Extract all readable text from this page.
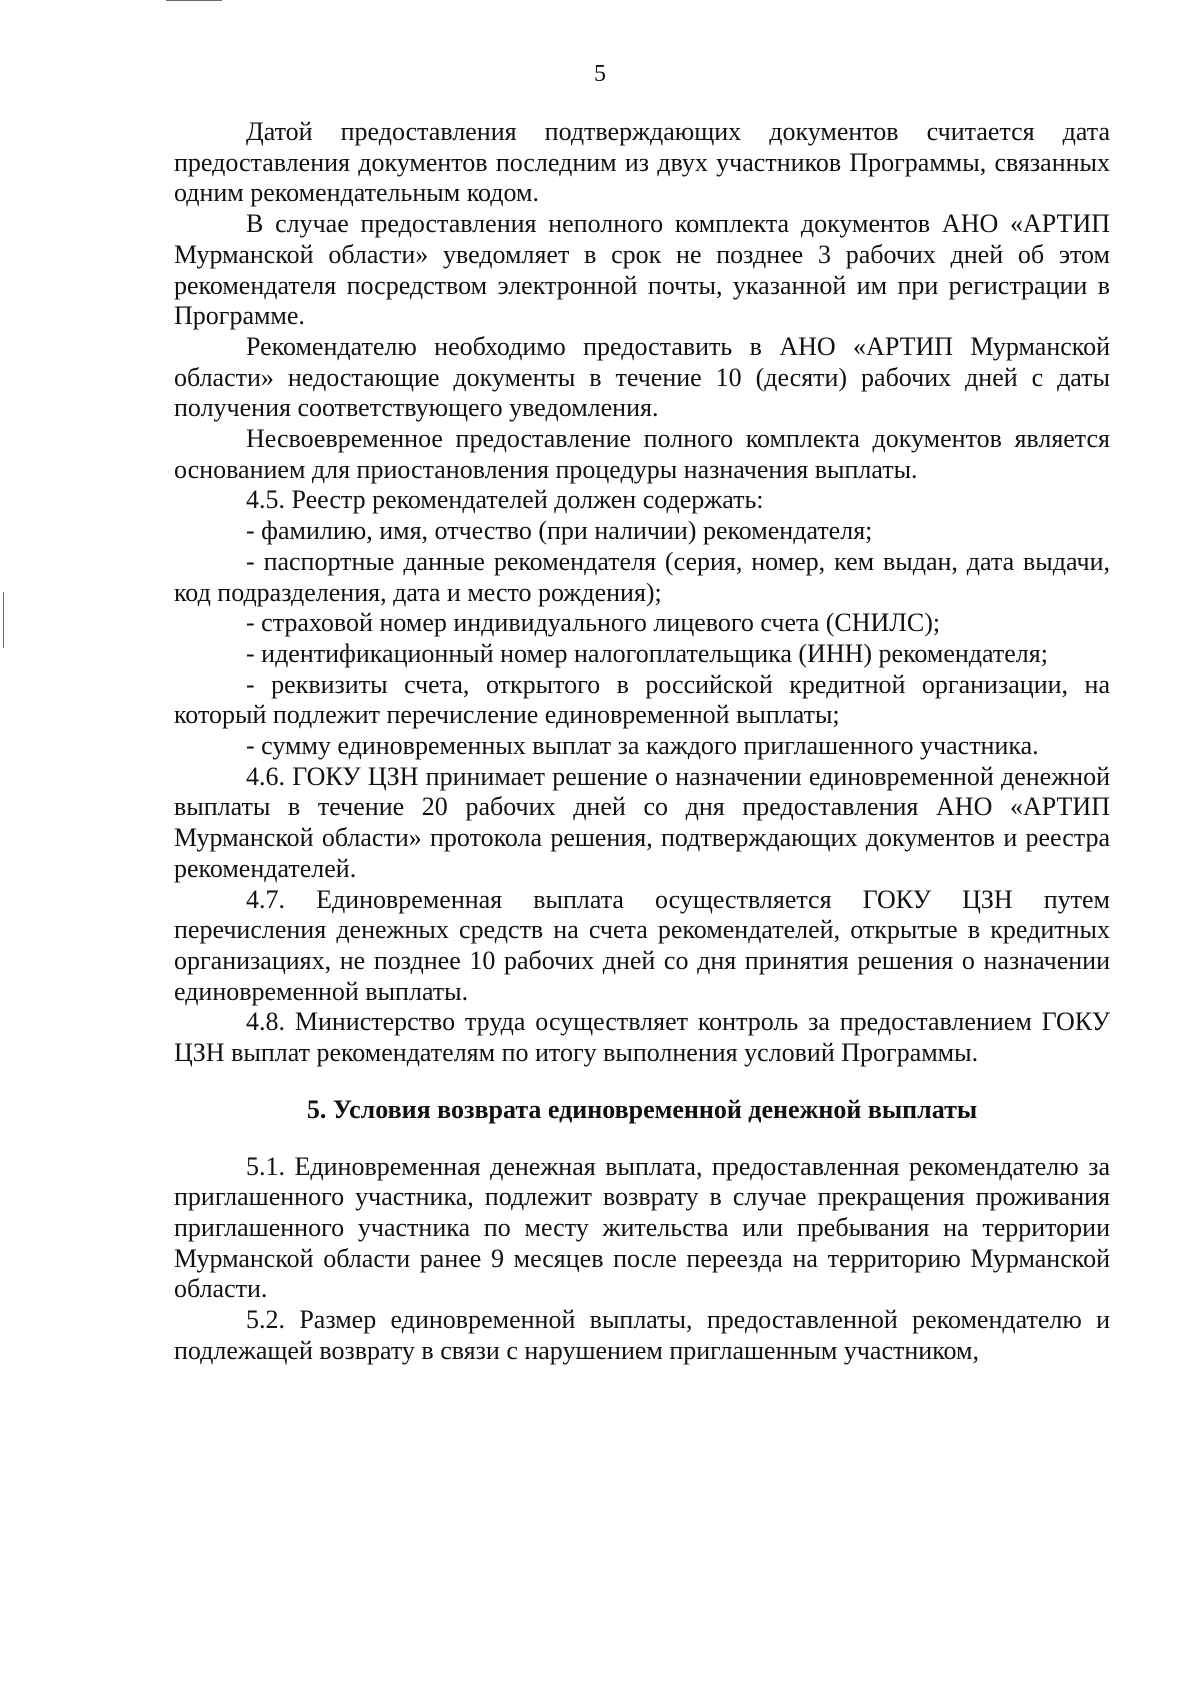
5

Датой предоставления подтверждающих документов считается дата предоставления документов последним из двух участников Программы, связанных одним рекомендательным кодом.

В случае предоставления неполного комплекта документов АНО «АРТИП Мурманской области» уведомляет в срок не позднее 3 рабочих дней об этом рекомендателя посредством электронной почты, указанной им при регистрации в Программе.

Рекомендателю необходимо предоставить в АНО «АРТИП Мурманской области» недостающие документы в течение 10 (десяти) рабочих дней с даты получения соответствующего уведомления.

Несвоевременное предоставление полного комплекта документов является основанием для приостановления процедуры назначения выплаты.

4.5. Реестр рекомендателей должен содержать:

- фамилию, имя, отчество (при наличии) рекомендателя;

- паспортные данные рекомендателя (серия, номер, кем выдан, дата выдачи, код подразделения, дата и место рождения);

- страховой номер индивидуального лицевого счета (СНИЛС);

- идентификационный номер налогоплательщика (ИНН) рекомендателя;

- реквизиты счета, открытого в российской кредитной организации, на который подлежит перечисление единовременной выплаты;

- сумму единовременных выплат за каждого приглашенного участника.

4.6. ГОКУ ЦЗН принимает решение о назначении единовременной денежной выплаты в течение 20 рабочих дней со дня предоставления АНО «АРТИП Мурманской области» протокола решения, подтверждающих документов и реестра рекомендателей.

4.7. Единовременная выплата осуществляется ГОКУ ЦЗН путем перечисления денежных средств на счета рекомендателей, открытые в кредитных организациях, не позднее 10 рабочих дней со дня принятия решения о назначении единовременной выплаты.

4.8. Министерство труда осуществляет контроль за предоставлением ГОКУ ЦЗН выплат рекомендателям по итогу выполнения условий Программы.

5. Условия возврата единовременной денежной выплаты

5.1. Единовременная денежная выплата, предоставленная рекомендателю за приглашенного участника, подлежит возврату в случае прекращения проживания приглашенного участника по месту жительства или пребывания на территории Мурманской области ранее 9 месяцев после переезда на территорию Мурманской области.

5.2. Размер единовременной выплаты, предоставленной рекомендателю и подлежащей возврату в связи с нарушением приглашенным участником,
